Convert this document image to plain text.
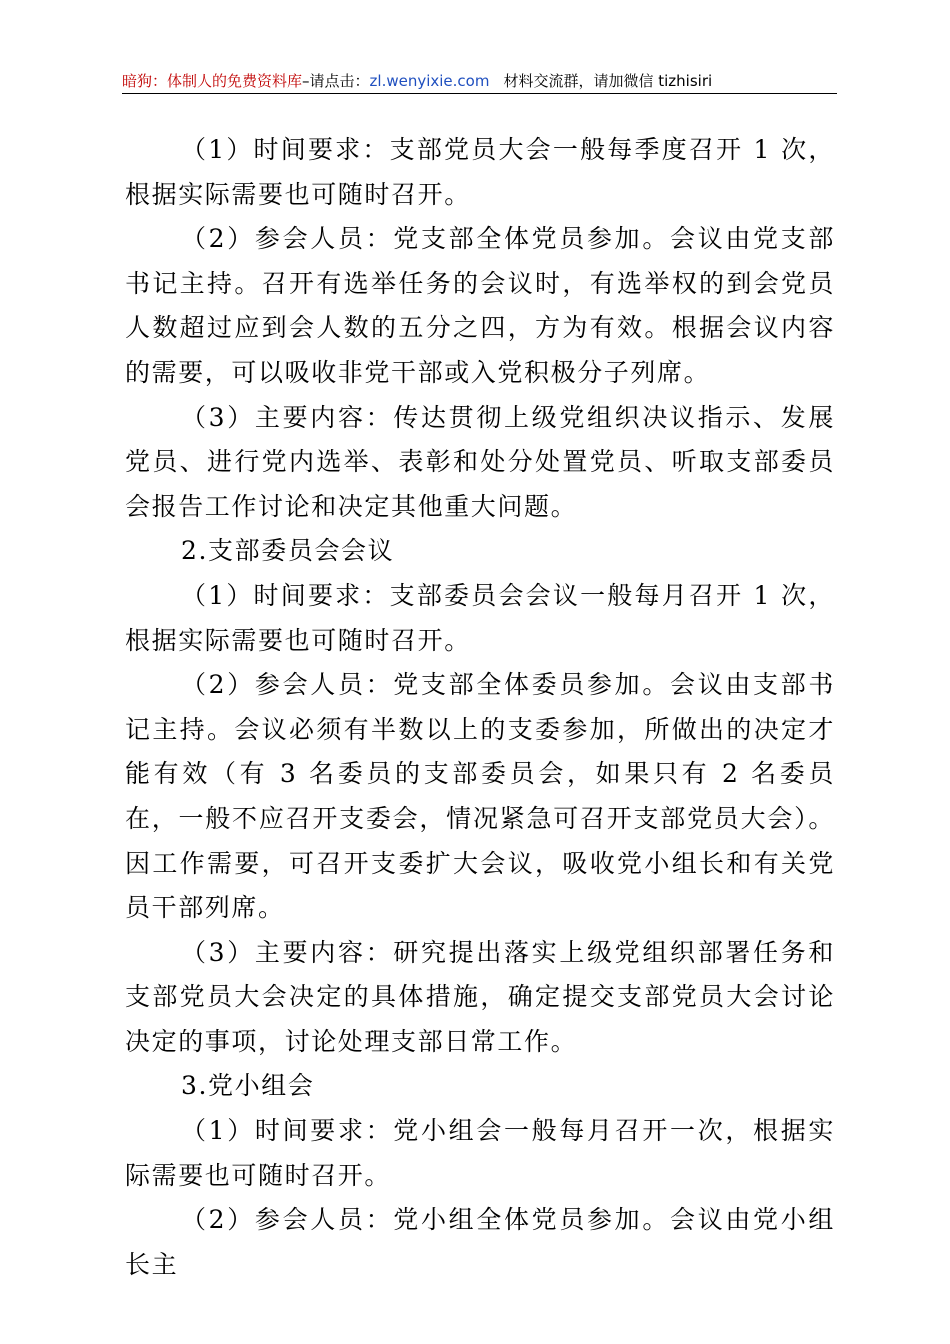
暗狗：体制人的免费资料库–请点击：zl.wenyixie.com 材料交流群，请加微信 tizhisiri

（1）时间要求：支部党员大会一般每季度召开 1 次，根据实际需要也可随时召开。

（2）参会人员：党支部全体党员参加。会议由党支部书记主持。召开有选举任务的会议时，有选举权的到会党员人数超过应到会人数的五分之四，方为有效。根据会议内容的需要，可以吸收非党干部或入党积极分子列席。

（3）主要内容：传达贯彻上级党组织决议指示、发展党员、进行党内选举、表彰和处分处置党员、听取支部委员会报告工作讨论和决定其他重大问题。

2.支部委员会会议

（1）时间要求：支部委员会会议一般每月召开 1 次，根据实际需要也可随时召开。

（2）参会人员：党支部全体委员参加。会议由支部书记主持。会议必须有半数以上的支委参加，所做出的决定才能有效（有 3 名委员的支部委员会，如果只有 2 名委员在，一般不应召开支委会，情况紧急可召开支部党员大会）。因工作需要，可召开支委扩大会议，吸收党小组长和有关党员干部列席。

（3）主要内容：研究提出落实上级党组织部署任务和支部党员大会决定的具体措施，确定提交支部党员大会讨论决定的事项，讨论处理支部日常工作。

3.党小组会

（1）时间要求：党小组会一般每月召开一次，根据实际需要也可随时召开。

（2）参会人员：党小组全体党员参加。会议由党小组长主
